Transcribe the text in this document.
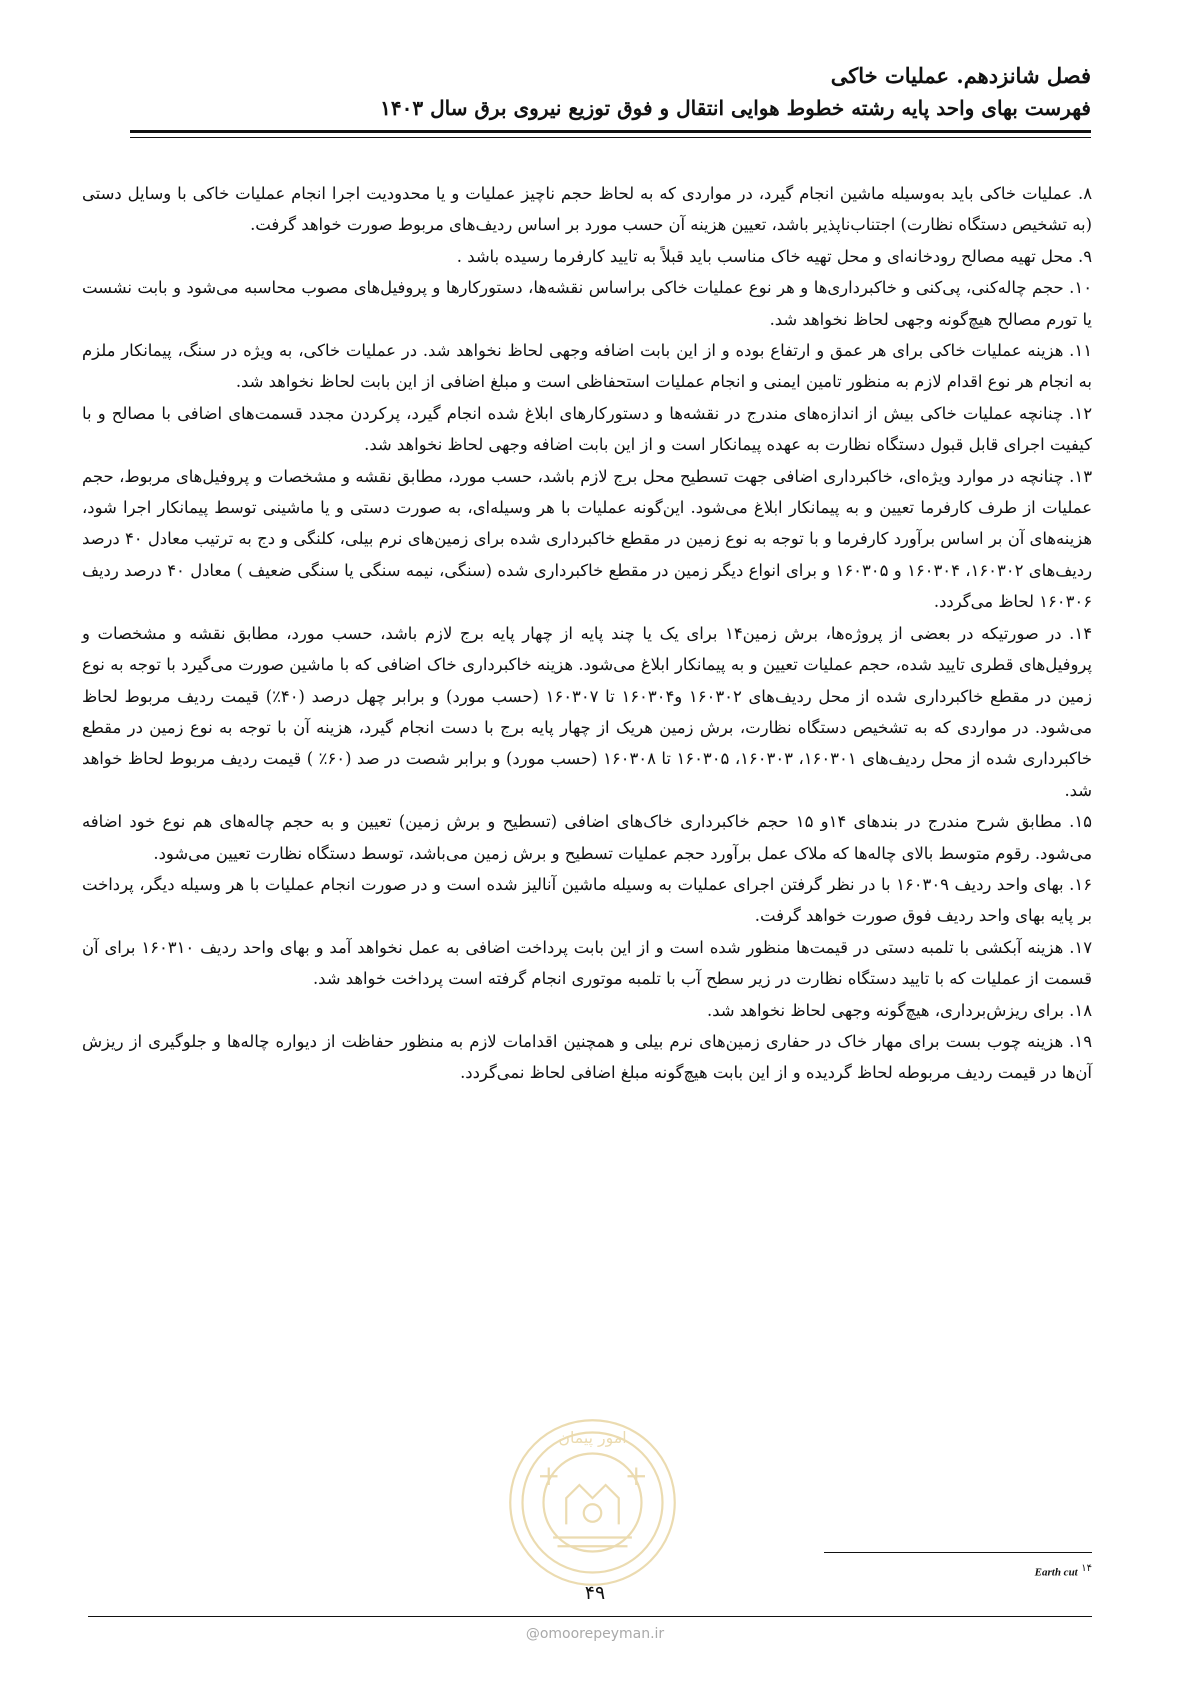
فصل شانزدهم. عملیات خاکی
فهرست بهای واحد پایه رشته خطوط هوایی انتقال و فوق توزیع نیروی برق سال ۱۴۰۳

۸. عملیات خاکی باید به‌وسیله ماشین انجام گیرد، در مواردی که به لحاظ حجم ناچیز عملیات و یا محدودیت اجرا انجام عملیات خاکی با وسایل دستی (به تشخیص دستگاه نظارت) اجتناب‌ناپذیر باشد، تعیین هزینه آن حسب مورد بر اساس ردیف‌های مربوط صورت خواهد گرفت.

۹. محل تهیه مصالح رودخانه‌ای و محل تهیه خاک مناسب باید قبلاً به تایید کارفرما رسیده باشد .

۱۰. حجم چاله‌کنی، پی‌کنی و خاکبرداری‌ها و هر نوع عملیات خاکی براساس نقشه‌ها، دستورکارها و پروفیل‌های مصوب محاسبه می‌شود و بابت نشست یا تورم مصالح هیچ‌گونه وجهی لحاظ نخواهد شد.

۱۱. هزینه عملیات خاکی برای هر عمق و ارتفاع بوده و از این بابت اضافه وجهی لحاظ نخواهد شد. در عملیات خاکی، به ویژه در سنگ، پیمانکار ملزم به انجام هر نوع اقدام لازم به منظور تامین ایمنی و انجام عملیات استحفاظی است و مبلغ اضافی از این بابت لحاظ نخواهد شد.

۱۲. چنانچه عملیات خاکی بیش از اندازه‌های مندرج در نقشه‌ها و دستورکارهای ابلاغ شده انجام گیرد، پرکردن مجدد قسمت‌های اضافی با مصالح و با کیفیت اجرای قابل قبول دستگاه نظارت به عهده پیمانکار است و از این بابت اضافه وجهی لحاظ نخواهد شد.

۱۳. چنانچه در موارد ویژه‌ای، خاکبرداری اضافی جهت تسطیح محل برج لازم باشد، حسب مورد، مطابق نقشه و مشخصات و پروفیل‌های مربوط، حجم عملیات از طرف کارفرما تعیین و به پیمانکار ابلاغ می‌شود. این‌گونه عملیات با هر وسیله‌ای، به صورت دستی و یا ماشینی توسط پیمانکار اجرا شود، هزینه‌های آن بر اساس برآورد کارفرما و با توجه به نوع زمین در مقطع خاکبرداری شده برای زمین‌های نرم بیلی، کلنگی و دج به ترتیب معادل ۴۰ درصد ردیف‌های ۱۶۰۳۰۲، ۱۶۰۳۰۴ و ۱۶۰۳۰۵ و برای انواع دیگر زمین در مقطع خاکبرداری شده (سنگی، نیمه سنگی یا سنگی ضعیف ) معادل ۴۰ درصد ردیف ۱۶۰۳۰۶ لحاظ می‌گردد.

۱۴. در صورتیکه در بعضی از پروژه‌ها، برش زمین۱۴ برای یک یا چند پایه از چهار پایه برج لازم باشد، حسب مورد، مطابق نقشه و مشخصات و پروفیل‌های قطری تایید شده، حجم عملیات تعیین و به پیمانکار ابلاغ می‌شود. هزینه خاکبرداری خاک اضافی که با ماشین صورت می‌گیرد با توجه به نوع زمین در مقطع خاکبرداری شده از محل ردیف‌های ۱۶۰۳۰۲ و۱۶۰۳۰۴ تا ۱۶۰۳۰۷ (حسب مورد) و برابر چهل درصد (۴۰٪) قیمت ردیف مربوط لحاظ می‌شود. در مواردی که به تشخیص دستگاه نظارت، برش زمین هریک از چهار پایه برج با دست انجام گیرد، هزینه آن با توجه به نوع زمین در مقطع خاکبرداری شده از محل ردیف‌های ۱۶۰۳۰۱، ۱۶۰۳۰۳، ۱۶۰۳۰۵ تا ۱۶۰۳۰۸ (حسب مورد) و برابر شصت در صد (۶۰٪ ) قیمت ردیف مربوط لحاظ خواهد شد.

۱۵. مطابق شرح مندرج در بندهای ۱۴و ۱۵ حجم خاکبرداری خاک‌های اضافی (تسطیح و برش زمین) تعیین و به حجم چاله‌های هم نوع خود اضافه می‌شود. رقوم متوسط بالای چاله‌ها که ملاک عمل برآورد حجم عملیات تسطیح و برش زمین می‌باشد، توسط دستگاه نظارت تعیین می‌شود.

۱۶. بهای واحد ردیف ۱۶۰۳۰۹ با در نظر گرفتن اجرای عملیات به وسیله ماشین آنالیز شده است و در صورت انجام عملیات با هر وسیله دیگر، پرداخت بر پایه بهای واحد ردیف فوق صورت خواهد گرفت.

۱۷. هزینه آبکشی با تلمبه دستی در قیمت‌ها منظور شده است و از این بابت پرداخت اضافی به عمل نخواهد آمد و بهای واحد ردیف ۱۶۰۳۱۰ برای آن قسمت از عملیات که با تایید دستگاه نظارت در زیر سطح آب با تلمبه موتوری انجام گرفته است پرداخت خواهد شد.

۱۸. برای ریزش‌برداری، هیچ‌گونه وجهی لحاظ نخواهد شد.

۱۹. هزینه چوب بست برای مهار خاک در حفاری زمین‌های نرم بیلی و همچنین اقدامات لازم به منظور حفاظت از دیواره چاله‌ها و جلوگیری از ریزش آن‌ها در قیمت ردیف مربوطه لحاظ گردیده و از این بابت هیچ‌گونه مبلغ اضافی لحاظ نمی‌گردد.

امور پیمان
۱۴ Earth cut
۴۹
@omoorepeyman.ir
